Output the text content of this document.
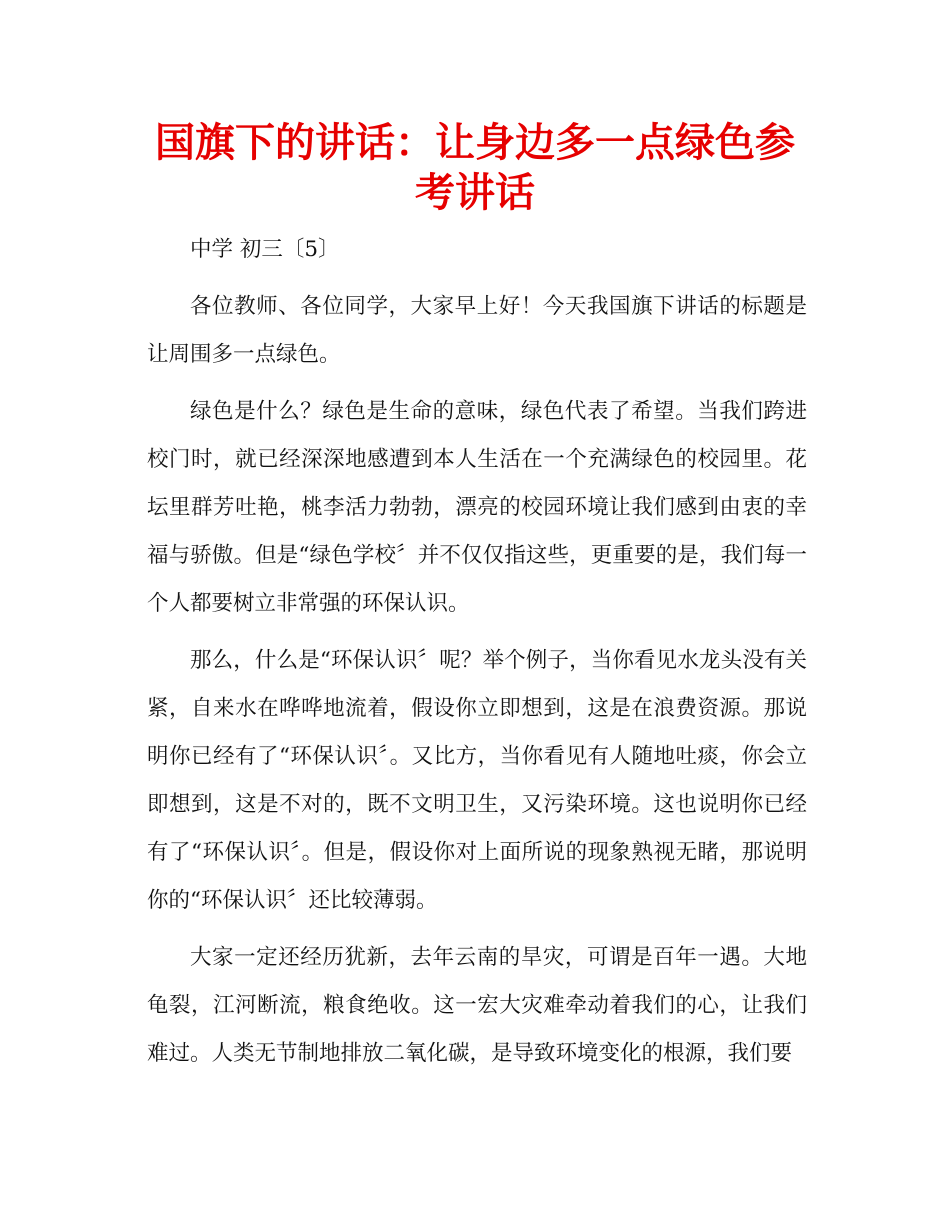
国旗下的讲话：让身边多一点绿色参考讲话

中学 初三〔5〕

各位教师、各位同学，大家早上好！今天我国旗下讲话的标题是让周围多一点绿色。

绿色是什么？绿色是生命的意味，绿色代表了希望。当我们跨进校门时，就已经深深地感遭到本人生活在一个充满绿色的校园里。花坛里群芳吐艳，桃李活力勃勃，漂亮的校园环境让我们感到由衷的幸福与骄傲。但是“绿色学校〞并不仅仅指这些，更重要的是，我们每一个人都要树立非常强的环保认识。

那么，什么是“环保认识〞呢？举个例子，当你看见水龙头没有关紧，自来水在哗哗地流着，假设你立即想到，这是在浪费资源。那说明你已经有了“环保认识〞。又比方，当你看见有人随地吐痰，你会立即想到，这是不对的，既不文明卫生，又污染环境。这也说明你已经有了“环保认识〞。但是，假设你对上面所说的现象熟视无睹，那说明你的“环保认识〞还比较薄弱。

大家一定还经历犹新，去年云南的旱灾，可谓是百年一遇。大地龟裂，江河断流，粮食绝收。这一宏大灾难牵动着我们的心，让我们难过。人类无节制地排放二氧化碳，是导致环境变化的根源，我们要
